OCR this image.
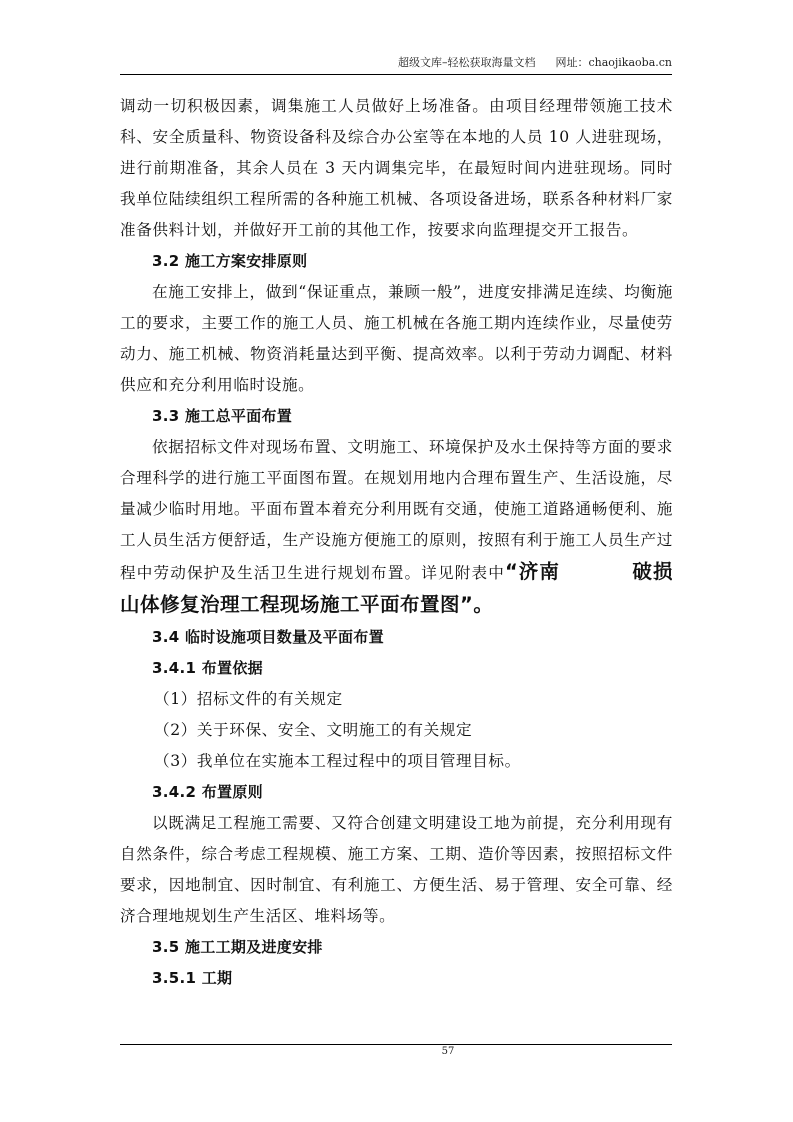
超级文库–轻松获取海量文档 网址：chaojikaoba.cn

调动一切积极因素，调集施工人员做好上场准备。由项目经理带领施工技术科、安全质量科、物资设备科及综合办公室等在本地的人员 10 人进驻现场，进行前期准备，其余人员在 3 天内调集完毕，在最短时间内进驻现场。同时我单位陆续组织工程所需的各种施工机械、各项设备进场，联系各种材料厂家准备供料计划，并做好开工前的其他工作，按要求向监理提交开工报告。

3.2 施工方案安排原则

在施工安排上，做到“保证重点，兼顾一般”，进度安排满足连续、均衡施工的要求，主要工作的施工人员、施工机械在各施工期内连续作业，尽量使劳动力、施工机械、物资消耗量达到平衡、提高效率。以利于劳动力调配、材料供应和充分利用临时设施。

3.3 施工总平面布置

依据招标文件对现场布置、文明施工、环境保护及水土保持等方面的要求合理科学的进行施工平面图布置。在规划用地内合理布置生产、生活设施，尽量减少临时用地。平面布置本着充分利用既有交通，使施工道路通畅便利、施工人员生活方便舒适，生产设施方便施工的原则，按照有利于施工人员生产过程中劳动保护及生活卫生进行规划布置。详见附表中“济南	破损山体修复治理工程现场施工平面布置图”。

3.4 临时设施项目数量及平面布置

3.4.1 布置依据

（1）招标文件的有关规定

（2）关于环保、安全、文明施工的有关规定

（3）我单位在实施本工程过程中的项目管理目标。

3.4.2 布置原则

以既满足工程施工需要、又符合创建文明建设工地为前提，充分利用现有自然条件，综合考虑工程规模、施工方案、工期、造价等因素，按照招标文件要求，因地制宜、因时制宜、有利施工、方便生活、易于管理、安全可靠、经济合理地规划生产生活区、堆料场等。

3.5 施工工期及进度安排

3.5.1 工期

57
